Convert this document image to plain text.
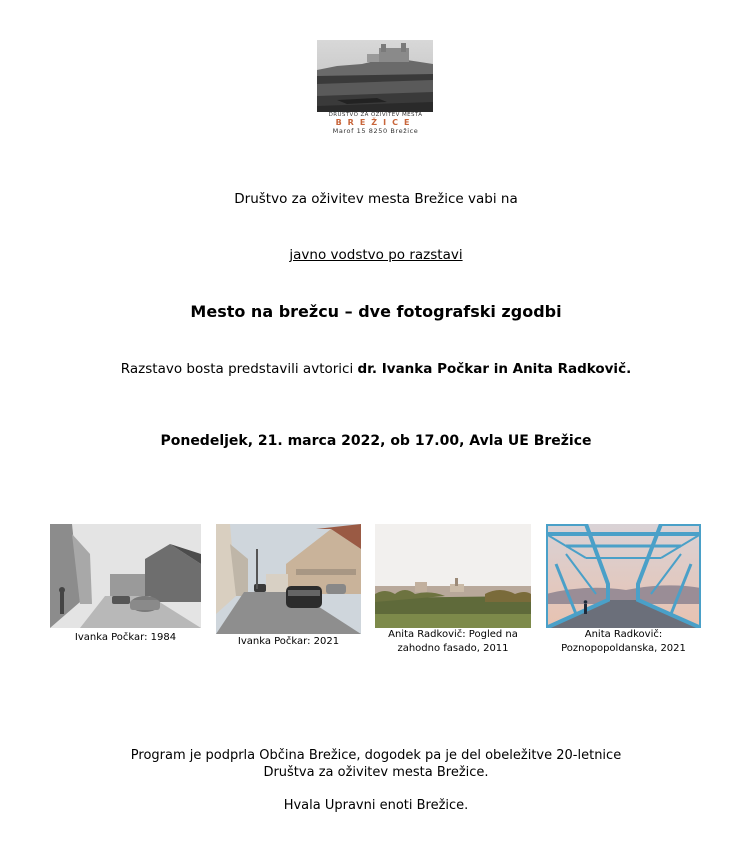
DRUŠTVO ZA OŽIVITEV MESTA
BREŽICE
Marof 15 8250 Brežice
Društvo za oživitev mesta Brežice vabi na
javno vodstvo po razstavi
Mesto na brežcu – dve fotografski zgodbi
Razstavo bosta predstavili avtorici dr. Ivanka Počkar in Anita Radkovič.
Ponedeljek, 21. marca 2022, ob 17.00, Avla UE Brežice
Ivanka Počkar: 1984	Ivanka Počkar: 2021
Anita Radkovič: Pogled na
zahodno fasado, 2011
Anita Radkovič:
Poznopopoldanska, 2021
Program je podprla Občina Brežice, dogodek pa je del obeležitve 20-letnice
Društva za oživitev mesta Brežice.
Hvala Upravni enoti Brežice.
